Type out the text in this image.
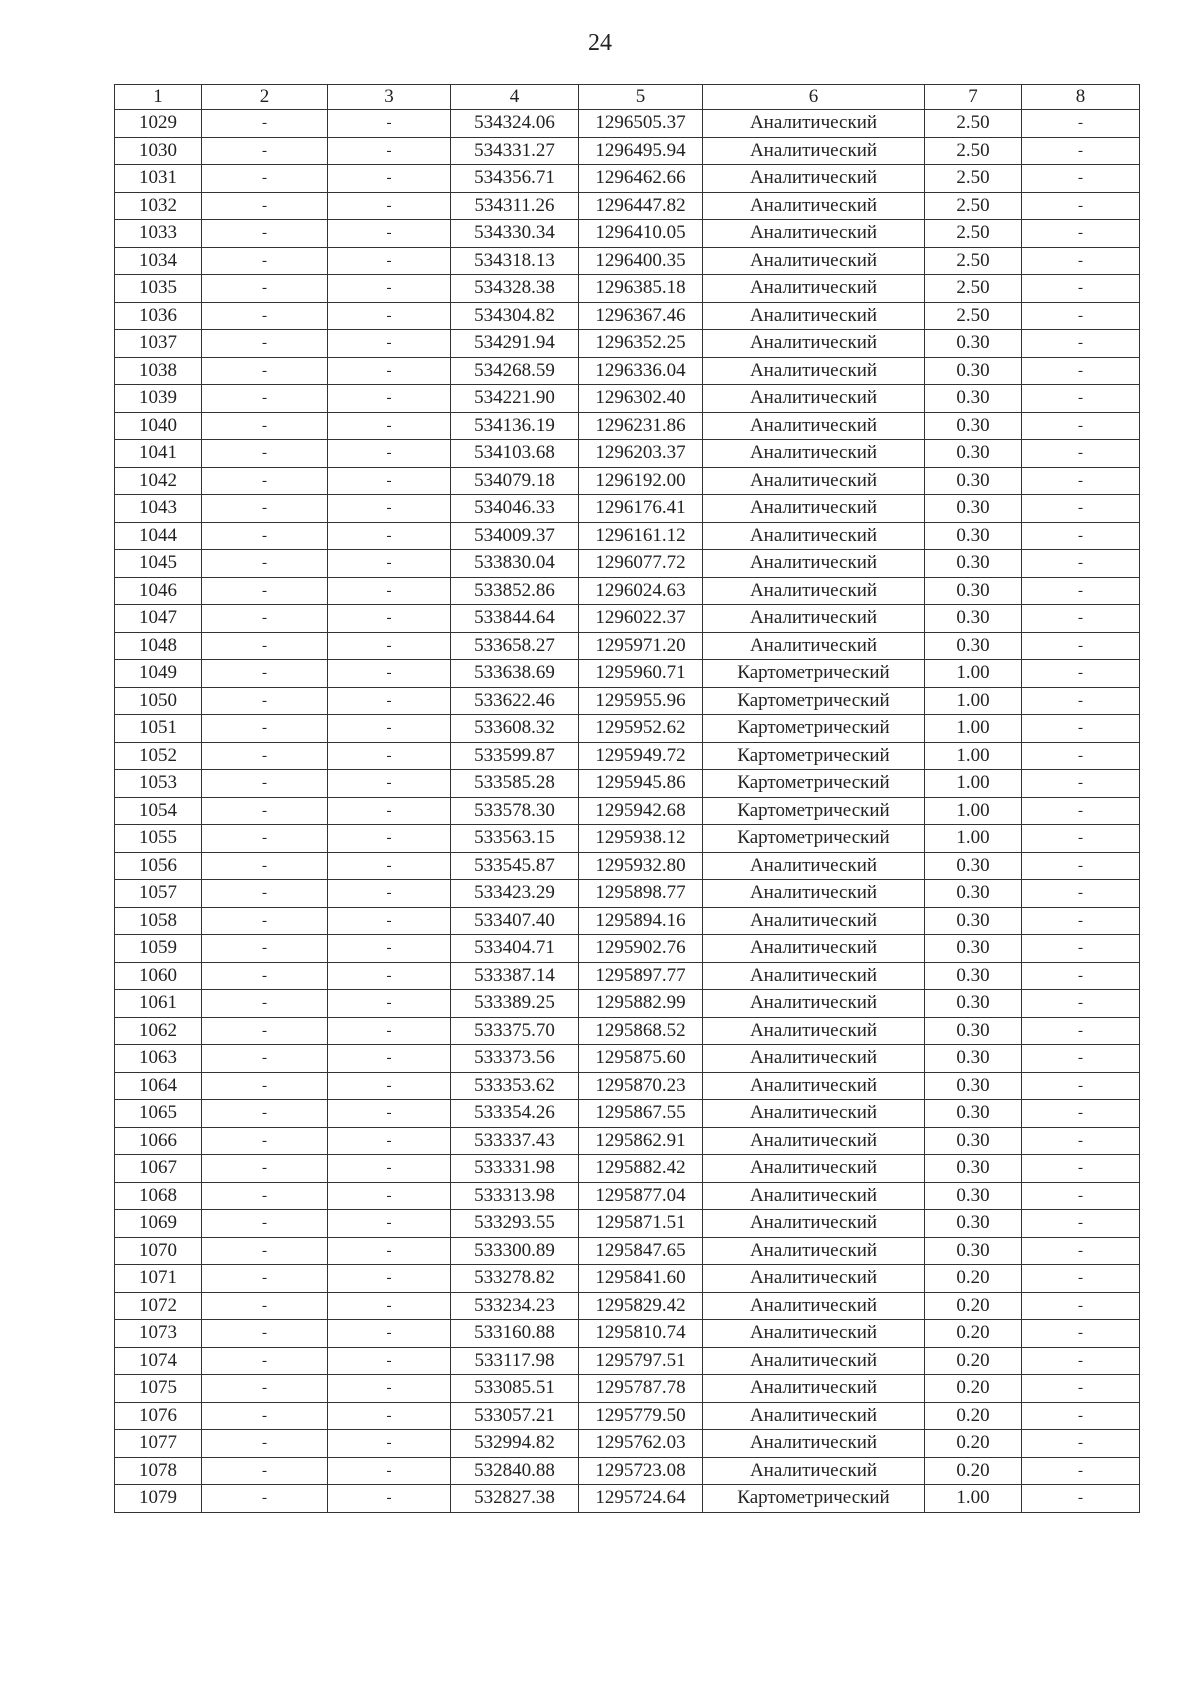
24
1	2	3	4	5	6	7	8
1029	-	-	534324.06	1296505.37	Аналитический	2.50	-
1030	-	-	534331.27	1296495.94	Аналитический	2.50	-
1031	-	-	534356.71	1296462.66	Аналитический	2.50	-
1032	-	-	534311.26	1296447.82	Аналитический	2.50	-
1033	-	-	534330.34	1296410.05	Аналитический	2.50	-
1034	-	-	534318.13	1296400.35	Аналитический	2.50	-
1035	-	-	534328.38	1296385.18	Аналитический	2.50	-
1036	-	-	534304.82	1296367.46	Аналитический	2.50	-
1037	-	-	534291.94	1296352.25	Аналитический	0.30	-
1038	-	-	534268.59	1296336.04	Аналитический	0.30	-
1039	-	-	534221.90	1296302.40	Аналитический	0.30	-
1040	-	-	534136.19	1296231.86	Аналитический	0.30	-
1041	-	-	534103.68	1296203.37	Аналитический	0.30	-
1042	-	-	534079.18	1296192.00	Аналитический	0.30	-
1043	-	-	534046.33	1296176.41	Аналитический	0.30	-
1044	-	-	534009.37	1296161.12	Аналитический	0.30	-
1045	-	-	533830.04	1296077.72	Аналитический	0.30	-
1046	-	-	533852.86	1296024.63	Аналитический	0.30	-
1047	-	-	533844.64	1296022.37	Аналитический	0.30	-
1048	-	-	533658.27	1295971.20	Аналитический	0.30	-
1049	-	-	533638.69	1295960.71	Картометрический	1.00	-
1050	-	-	533622.46	1295955.96	Картометрический	1.00	-
1051	-	-	533608.32	1295952.62	Картометрический	1.00	-
1052	-	-	533599.87	1295949.72	Картометрический	1.00	-
1053	-	-	533585.28	1295945.86	Картометрический	1.00	-
1054	-	-	533578.30	1295942.68	Картометрический	1.00	-
1055	-	-	533563.15	1295938.12	Картометрический	1.00	-
1056	-	-	533545.87	1295932.80	Аналитический	0.30	-
1057	-	-	533423.29	1295898.77	Аналитический	0.30	-
1058	-	-	533407.40	1295894.16	Аналитический	0.30	-
1059	-	-	533404.71	1295902.76	Аналитический	0.30	-
1060	-	-	533387.14	1295897.77	Аналитический	0.30	-
1061	-	-	533389.25	1295882.99	Аналитический	0.30	-
1062	-	-	533375.70	1295868.52	Аналитический	0.30	-
1063	-	-	533373.56	1295875.60	Аналитический	0.30	-
1064	-	-	533353.62	1295870.23	Аналитический	0.30	-
1065	-	-	533354.26	1295867.55	Аналитический	0.30	-
1066	-	-	533337.43	1295862.91	Аналитический	0.30	-
1067	-	-	533331.98	1295882.42	Аналитический	0.30	-
1068	-	-	533313.98	1295877.04	Аналитический	0.30	-
1069	-	-	533293.55	1295871.51	Аналитический	0.30	-
1070	-	-	533300.89	1295847.65	Аналитический	0.30	-
1071	-	-	533278.82	1295841.60	Аналитический	0.20	-
1072	-	-	533234.23	1295829.42	Аналитический	0.20	-
1073	-	-	533160.88	1295810.74	Аналитический	0.20	-
1074	-	-	533117.98	1295797.51	Аналитический	0.20	-
1075	-	-	533085.51	1295787.78	Аналитический	0.20	-
1076	-	-	533057.21	1295779.50	Аналитический	0.20	-
1077	-	-	532994.82	1295762.03	Аналитический	0.20	-
1078	-	-	532840.88	1295723.08	Аналитический	0.20	-
1079	-	-	532827.38	1295724.64	Картометрический	1.00	-
